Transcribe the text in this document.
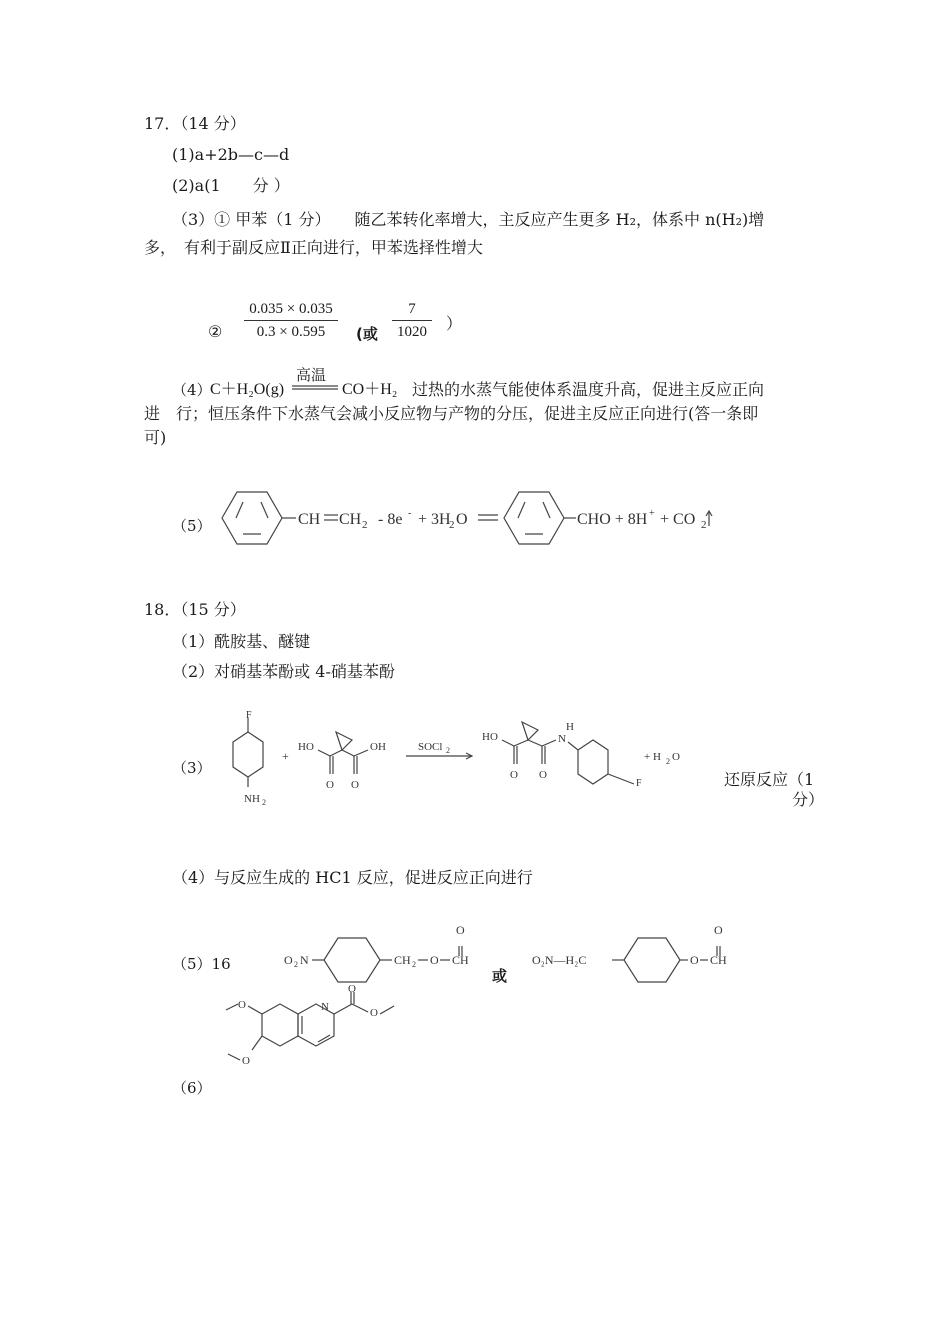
17．（14 分）
(1)a+2b—c—d
(2)a(1　　分 ）
（3）① 甲苯（1 分）　　随乙苯转化率增大，主反应产生更多 H₂，体系中 n(H₂)增
多，　有利于副反应Ⅱ正向进行，甲苯选择性增大
② $\frac{0.035 \times 0.035}{0.3 \times 0.595}$ (或 $\frac{7}{1020}$ ）
（4）
C＋H₂O(g)
高温
CO＋H₂ 过热的水蒸气能使体系温度升高，促进主反应正向
进　行；恒压条件下水蒸气会减小反应物与产物的分压，促进主反应正向进行(答一条即
可)
（5）	CH CH 2 - 8e - + 3H
2 O	CHO + 8H + + CO 2
18．（15 分）
（1）酰胺基、醚键
（2）对硝基苯酚或 4-硝基苯酚
（3）
F
NH 2
+
HO
O
OH
O
SOCl 2
HO
O O
N
H
F
+ H 2 O
还原反应（1
分）
（4）与反应生成的 HC1 反应，促进反应正向进行
（5）16	O 2 N	CH 2 O
O
CH	O₂N—H₂C	O
O
CH
或
N
O
O
O
O
（6）
